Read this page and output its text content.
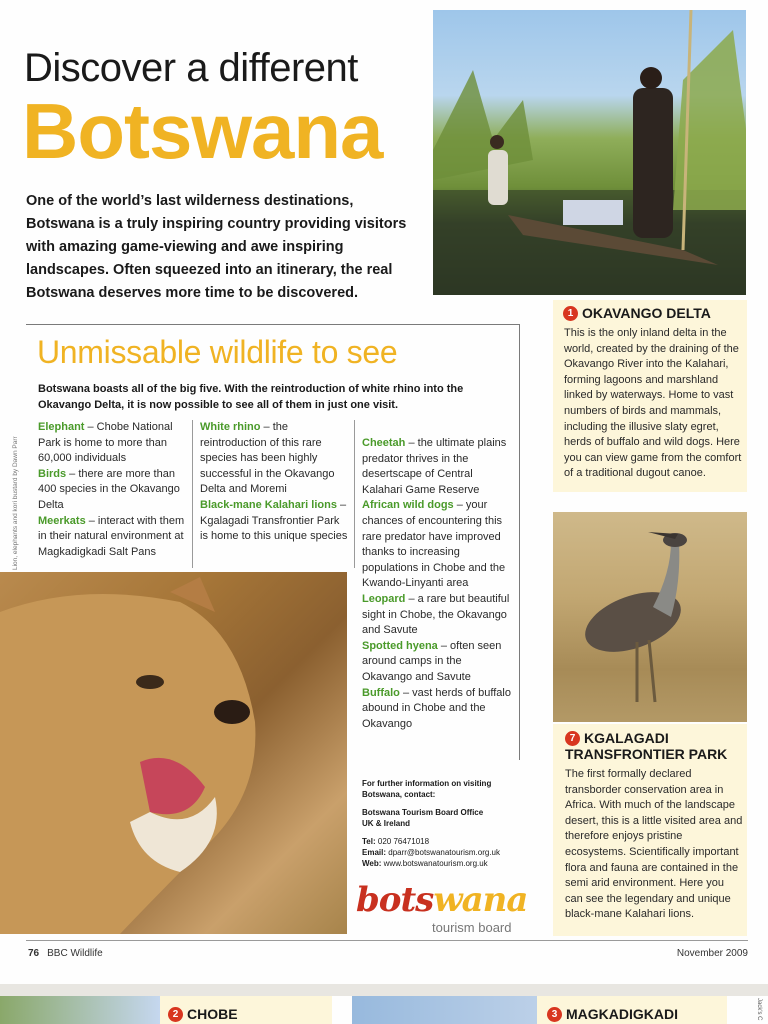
Discover a different
Botswana

One of the world’s last wilderness destinations, Botswana is a truly inspiring country providing visitors with amazing game-viewing and awe inspiring landscapes. Often squeezed into an itinerary, the real Botswana deserves more time to be discovered.

1 OKAVANGO DELTA

This is the only inland delta in the world, created by the draining of the Okavango River into the Kalahari, forming lagoons and marshland linked by waterways. Home to vast numbers of birds and mammals, including the illusive slaty egret, herds of buffalo and wild dogs. Here you can view game from the comfort of a traditional dugout canoe.

7 KGALAGADI
TRANSFRONTIER PARK

The first formally declared transborder conservation area in Africa. With much of the landscape desert, this is a little visited area and therefore enjoys pristine ecosystems. Scientifically important flora and fauna are contained in the semi arid environment. Here you can see the legendary and unique black-mane Kalahari lions.

Unmissable wildlife to see

Botswana boasts all of the big five. With the reintroduction of white rhino into the Okavango Delta, it is now possible to see all of them in just one visit.

Elephant – Chobe National Park is home to more than 60,000 individuals
Birds – there are more than 400 species in the Okavango Delta
Meerkats – interact with them in their natural environment at Magkadigkadi Salt Pans
White rhino – the reintroduction of this rare species has been highly successful in the Okavango Delta and Moremi
Black-mane Kalahari lions – Kgalagadi Transfrontier Park is home to this unique species
Cheetah – the ultimate plains predator thrives in the desertscape of Central Kalahari Game Reserve
African wild dogs – your chances of encountering this rare predator have improved thanks to increasing populations in Chobe and the Kwando-Linyanti area
Leopard – a rare but beautiful sight in Chobe, the Okavango and Savute
Spotted hyena – often seen around camps in the Okavango and Savute
Buffalo – vast herds of buffalo abound in Chobe and the Okavango
Lion, elephants and kori bustard by Dawn Parr
For further information on visiting
Botswana, contact:
Botswana Tourism Board Office
UK & Ireland
Tel: 020 76471018
Email: dparr@botswanatourism.org.uk
Web: www.botswanatourism.org.uk
botswana
tourism board
76 BBC Wildlife	November 2009
2 CHOBE	3 MAGKADIGKADI	Jack's C
